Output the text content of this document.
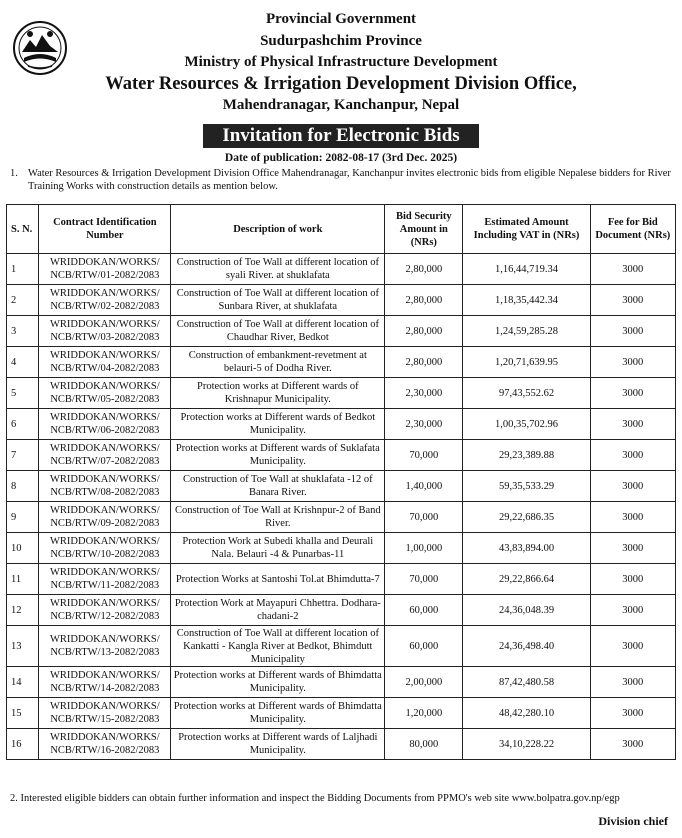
Provincial Government
Sudurpashchim Province
Ministry of Physical Infrastructure Development
Water Resources & Irrigation Development Division Office,
Mahendranagar, Kanchanpur, Nepal
Invitation for Electronic Bids
Date of publication: 2082-08-17 (3rd Dec. 2025)
1. Water Resources & Irrigation Development Division Office Mahendranagar, Kanchanpur invites electronic bids from eligible Nepalese bidders for River Training Works with construction details as mention below.
S. N.	Contract Identification Number	Description of work	Bid Security Amount in (NRs)	Estimated Amount Including VAT in (NRs)	Fee for Bid Document (NRs)
1	WRIDDOKAN/WORKS/ NCB/RTW/01-2082/2083	Construction of Toe Wall at different location of syali River. at shuklafata	2,80,000	1,16,44,719.34	3000
2	WRIDDOKAN/WORKS/ NCB/RTW/02-2082/2083	Construction of Toe Wall at different location of Sunbara River, at shuklafata	2,80,000	1,18,35,442.34	3000
3	WRIDDOKAN/WORKS/ NCB/RTW/03-2082/2083	Construction of Toe Wall at different location of Chaudhar River, Bedkot	2,80,000	1,24,59,285.28	3000
4	WRIDDOKAN/WORKS/ NCB/RTW/04-2082/2083	Construction of embankment-revetment at belauri-5 of Dodha River.	2,80,000	1,20,71,639.95	3000
5	WRIDDOKAN/WORKS/ NCB/RTW/05-2082/2083	Protection works at Different wards of Krishnapur Municipality.	2,30,000	97,43,552.62	3000
6	WRIDDOKAN/WORKS/ NCB/RTW/06-2082/2083	Protection works at Different wards of Bedkot Municipality.	2,30,000	1,00,35,702.96	3000
7	WRIDDOKAN/WORKS/ NCB/RTW/07-2082/2083	Protection works at Different wards of Suklafata Municipality.	70,000	29,23,389.88	3000
8	WRIDDOKAN/WORKS/ NCB/RTW/08-2082/2083	Construction of Toe Wall at shuklafata -12 of Banara River.	1,40,000	59,35,533.29	3000
9	WRIDDOKAN/WORKS/ NCB/RTW/09-2082/2083	Construction of Toe Wall at Krishnpur-2 of Band River.	70,000	29,22,686.35	3000
10	WRIDDOKAN/WORKS/ NCB/RTW/10-2082/2083	Protection Work at Subedi khalla and Deurali Nala. Belauri -4 & Punarbas-11	1,00,000	43,83,894.00	3000
11	WRIDDOKAN/WORKS/ NCB/RTW/11-2082/2083	Protection Works at Santoshi Tol.at Bhimdutta-7	70,000	29,22,866.64	3000
12	WRIDDOKAN/WORKS/ NCB/RTW/12-2082/2083	Protection Work at Mayapuri Chhettra. Dodhara-chadani-2	60,000	24,36,048.39	3000
13	WRIDDOKAN/WORKS/ NCB/RTW/13-2082/2083	Construction of Toe Wall at different location of Kankatti - Kangla River at Bedkot, Bhimdutt Municipality	60,000	24,36,498.40	3000
14	WRIDDOKAN/WORKS/ NCB/RTW/14-2082/2083	Protection works at Different wards of Bhimdatta Municipality.	2,00,000	87,42,480.58	3000
15	WRIDDOKAN/WORKS/ NCB/RTW/15-2082/2083	Protection works at Different wards of Bhimdatta Municipality.	1,20,000	48,42,280.10	3000
16	WRIDDOKAN/WORKS/ NCB/RTW/16-2082/2083	Protection works at Different wards of Laljhadi Municipality.	80,000	34,10,228.22	3000
2. Interested eligible bidders can obtain further information and inspect the Bidding Documents from PPMO's web site www.bolpatra.gov.np/egp
Division chief
